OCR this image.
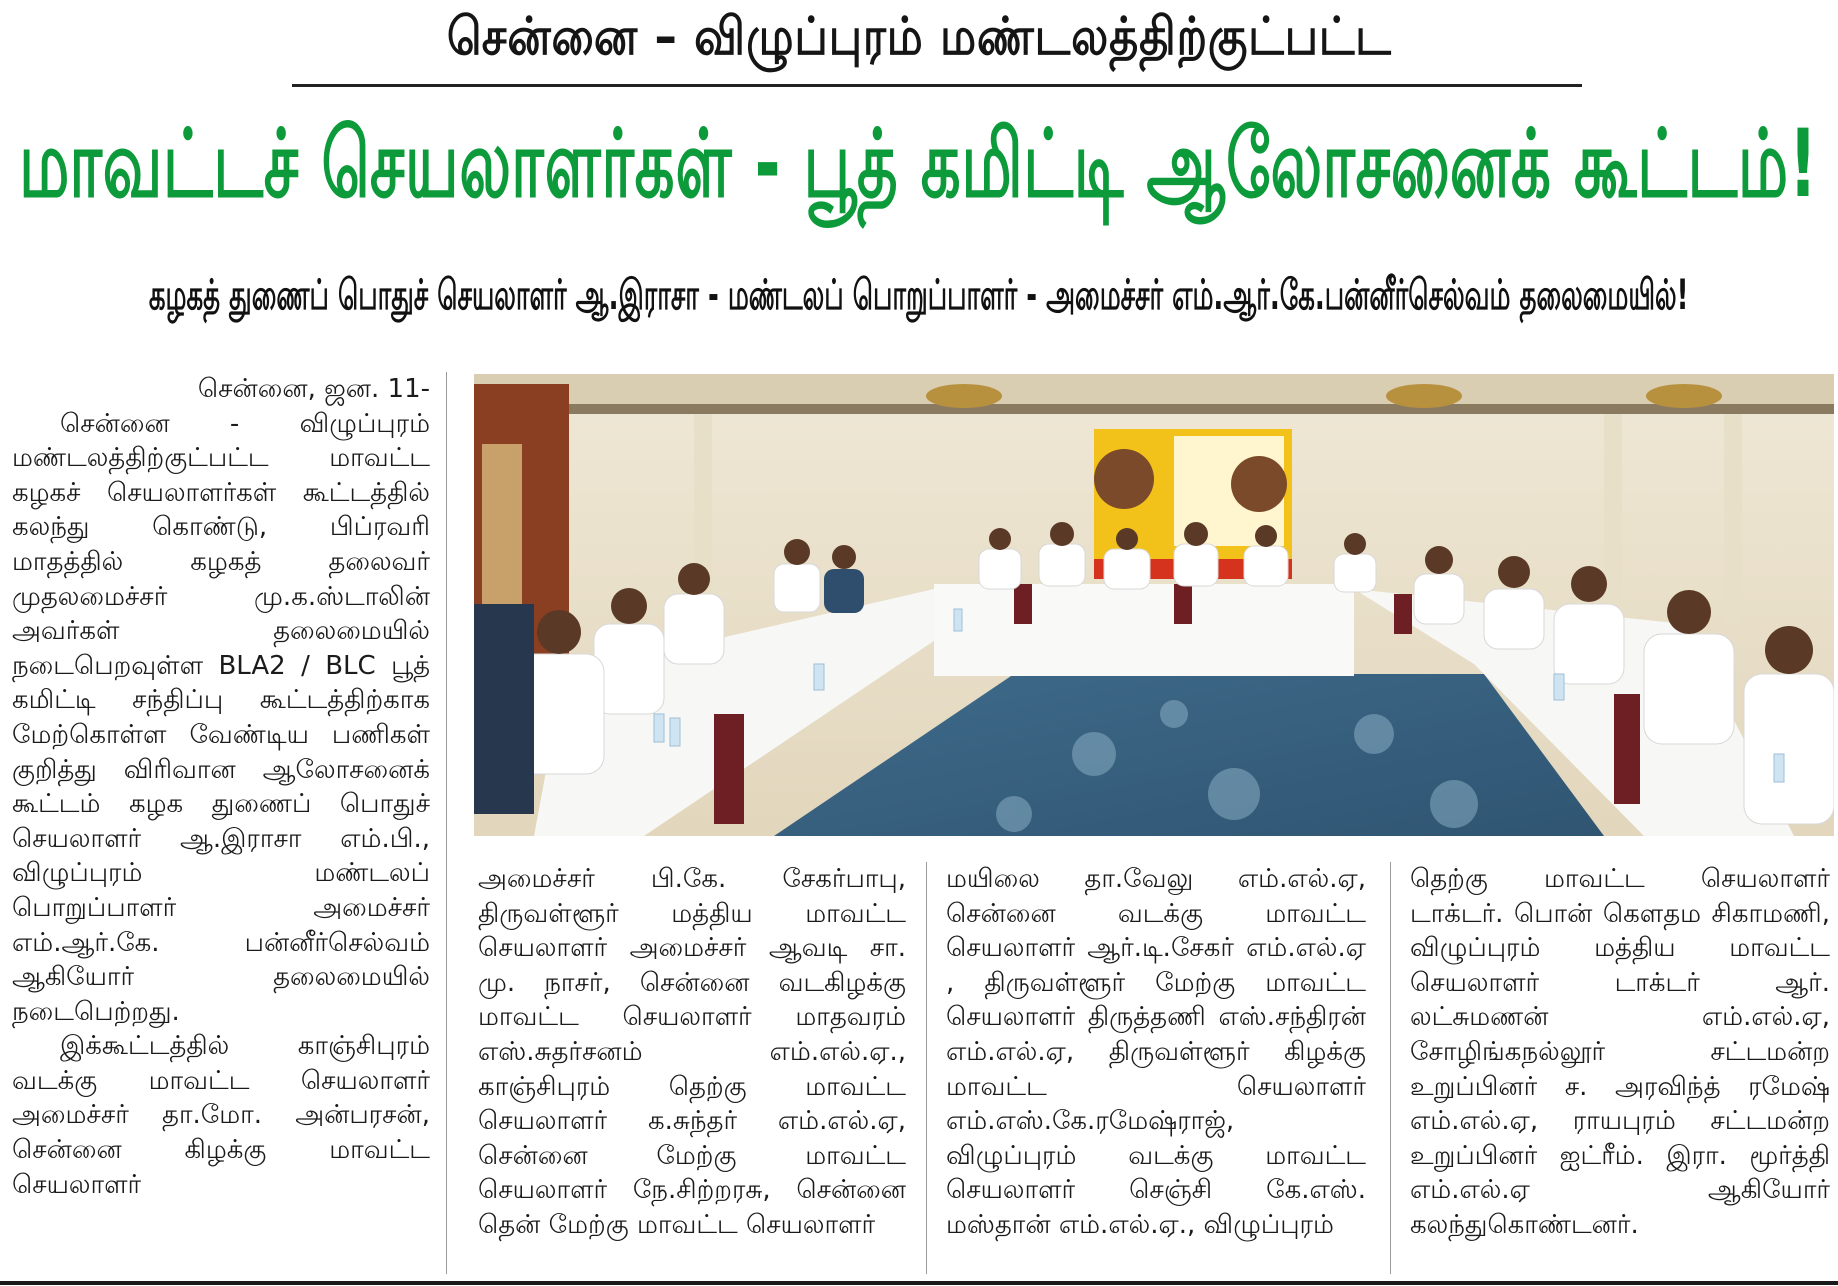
சென்னை – விழுப்புரம் மண்டலத்திற்குட்பட்ட
மாவட்டச் செயலாளர்கள் - பூத் கமிட்டி ஆலோசனைக் கூட்டம்!
கழகத் துணைப் பொதுச் செயலாளர் ஆ.இராசா - மண்டலப் பொறுப்பாளர் - அமைச்சர் எம்.ஆர்.கே.பன்னீர்செல்வம் தலைமையில்!

சென்னை, ஜன. 11-

சென்னை - விழுப்புரம் மண்டலத்திற்குட்பட்ட மாவட்ட கழகச் செயலாளர்கள் கூட்டத்தில் கலந்து கொண்டு, பிப்ரவரி மாதத்தில் கழகத் தலைவர் முதலமைச்சர் மு.க.ஸ்டாலின் அவர்கள் தலைமையில் நடைபெறவுள்ள BLA2 / BLC பூத் கமிட்டி சந்திப்பு கூட்டத்திற்காக மேற்கொள்ள வேண்டிய பணிகள் குறித்து விரிவான ஆலோசனைக் கூட்டம் கழக துணைப் பொதுச் செயலாளர் ஆ.இராசா எம்.பி., விழுப்புரம் மண்டலப் பொறுப்பாளர் அமைச்சர் எம்.ஆர்.கே. பன்னீர்செல்வம் ஆகியோர் தலைமையில் நடைபெற்றது.

இக்கூட்டத்தில் காஞ்சிபுரம் வடக்கு மாவட்ட செயலாளர் அமைச்சர் தா.மோ. அன்பரசன், சென்னை கிழக்கு மாவட்ட செயலாளர்

அமைச்சர் பி.கே. சேகர்பாபு, திருவள்ளூர் மத்திய மாவட்ட செயலாளர் அமைச்சர் ஆவடி சா. மு. நாசர், சென்னை வடகிழக்கு மாவட்ட செயலாளர் மாதவரம் எஸ்.சுதர்சனம் எம்.எல்.ஏ., காஞ்சிபுரம் தெற்கு மாவட்ட செயலாளர் க.சுந்தர் எம்.எல்.ஏ, சென்னை மேற்கு மாவட்ட செயலாளர் நே.சிற்றரசு, சென்னை தென் மேற்கு மாவட்ட செயலாளர்

மயிலை தா.வேலு எம்.எல்.ஏ, சென்னை வடக்கு மாவட்ட செயலாளர் ஆர்.டி.சேகர் எம்.எல்.ஏ , திருவள்ளூர் மேற்கு மாவட்ட செயலாளர் திருத்தணி எஸ்.சந்திரன் எம்.எல்.ஏ, திருவள்ளூர் கிழக்கு மாவட்ட செயலாளர் எம்.எஸ்.கே.ரமேஷ்ராஜ், விழுப்புரம் வடக்கு மாவட்ட செயலாளர் செஞ்சி கே.எஸ். மஸ்தான் எம்.எல்.ஏ., விழுப்புரம்

தெற்கு மாவட்ட செயலாளர் டாக்டர். பொன் கௌதம சிகாமணி, விழுப்புரம் மத்திய மாவட்ட செயலாளர் டாக்டர் ஆர். லட்சுமணன் எம்.எல்.ஏ, சோழிங்கநல்லூர் சட்டமன்ற உறுப்பினர் ச. அரவிந்த் ரமேஷ் எம்.எல்.ஏ, ராயபுரம் சட்டமன்ற உறுப்பினர் ஐட்ரீம். இரா. மூர்த்தி எம்.எல்.ஏ ஆகியோர் கலந்துகொண்டனர்.
